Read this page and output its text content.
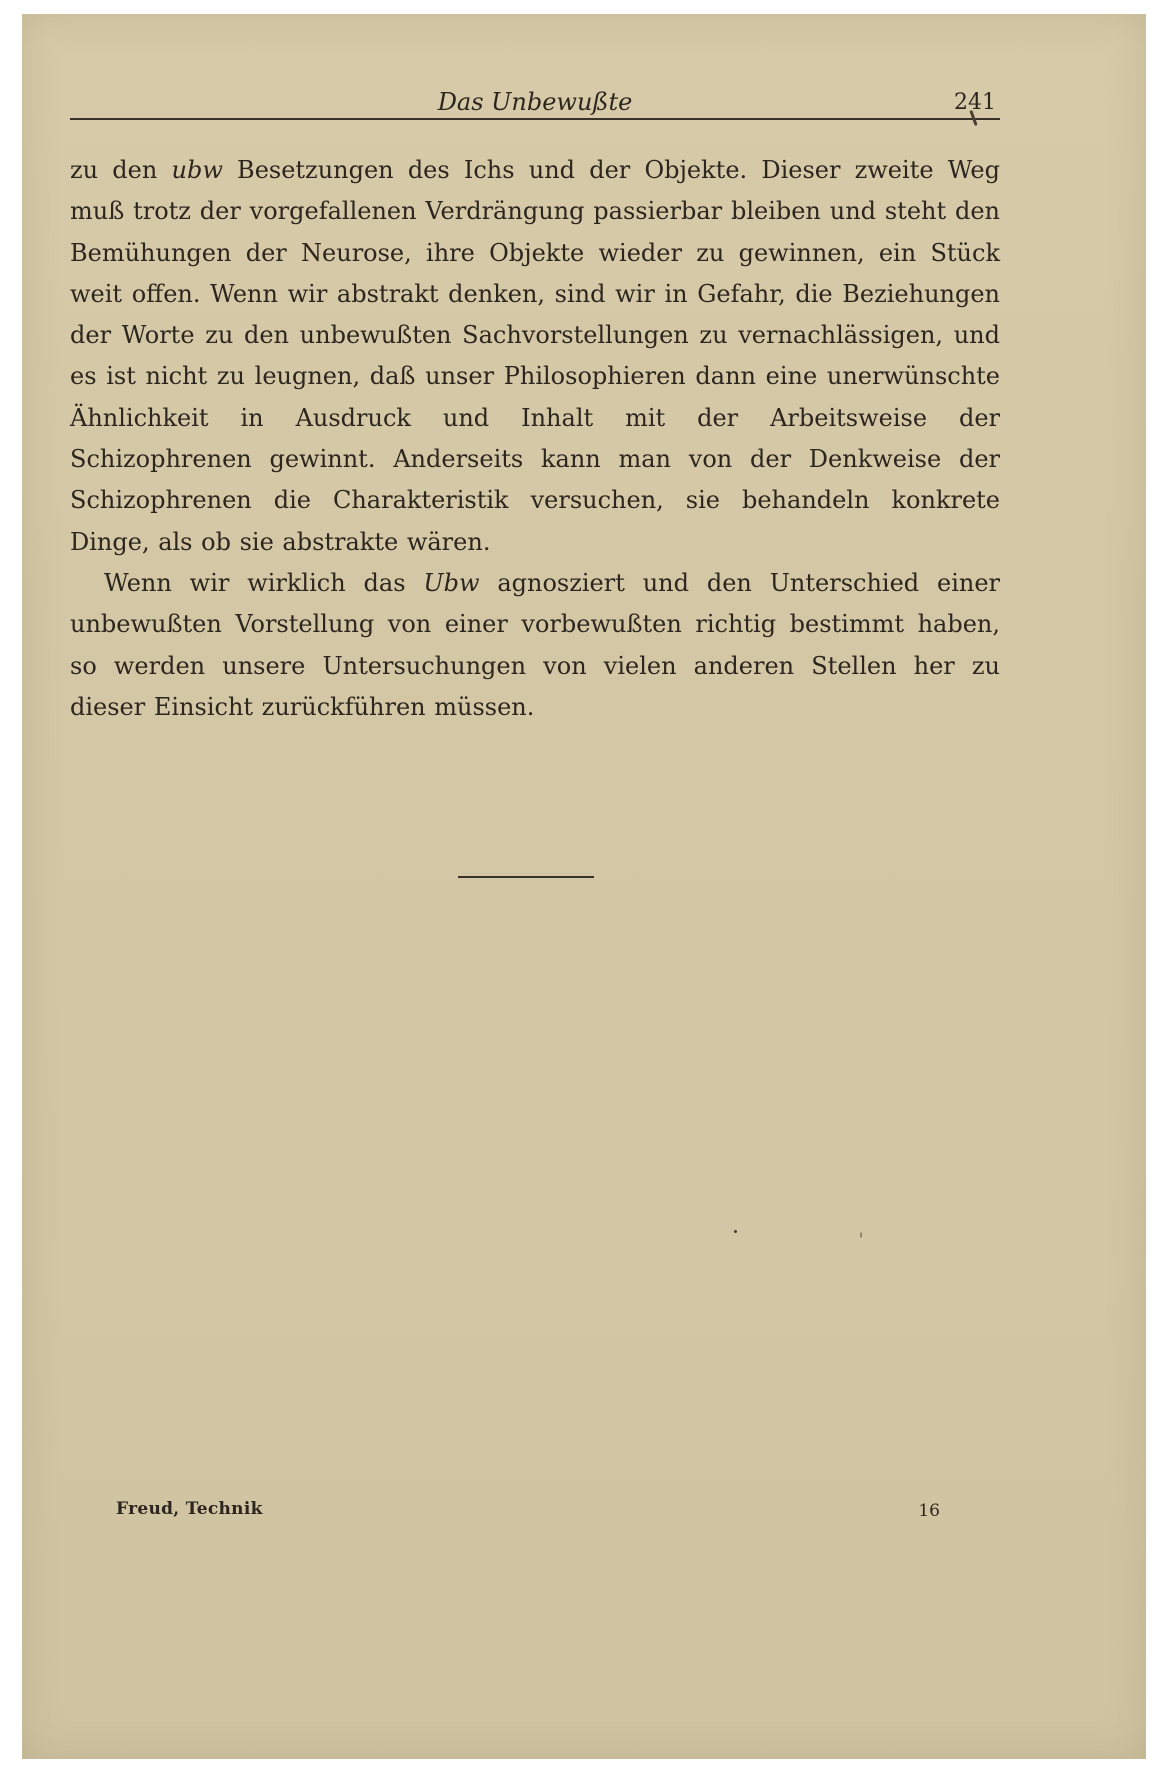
Das Unbewußte	241

zu den ubw Besetzungen des Ichs und der Objekte. Dieser zweite Weg muß trotz der vorgefallenen Verdrängung passierbar bleiben und steht den Bemühungen der Neurose, ihre Objekte wieder zu gewinnen, ein Stück weit offen. Wenn wir abstrakt denken, sind wir in Gefahr, die Beziehungen der Worte zu den unbewußten Sachvorstellungen zu vernachlässigen, und es ist nicht zu leugnen, daß unser Philosophieren dann eine unerwünschte Ähnlichkeit in Ausdruck und Inhalt mit der Arbeitsweise der Schizophrenen gewinnt. Anderseits kann man von der Denkweise der Schizophrenen die Charakteristik versuchen, sie behandeln konkrete Dinge, als ob sie abstrakte wären.

Wenn wir wirklich das Ubw agnosziert und den Unterschied einer unbewußten Vorstellung von einer vorbewußten richtig bestimmt haben, so werden unsere Untersuchungen von vielen anderen Stellen her zu dieser Einsicht zurückführen müssen.

Freud, Technik	16
